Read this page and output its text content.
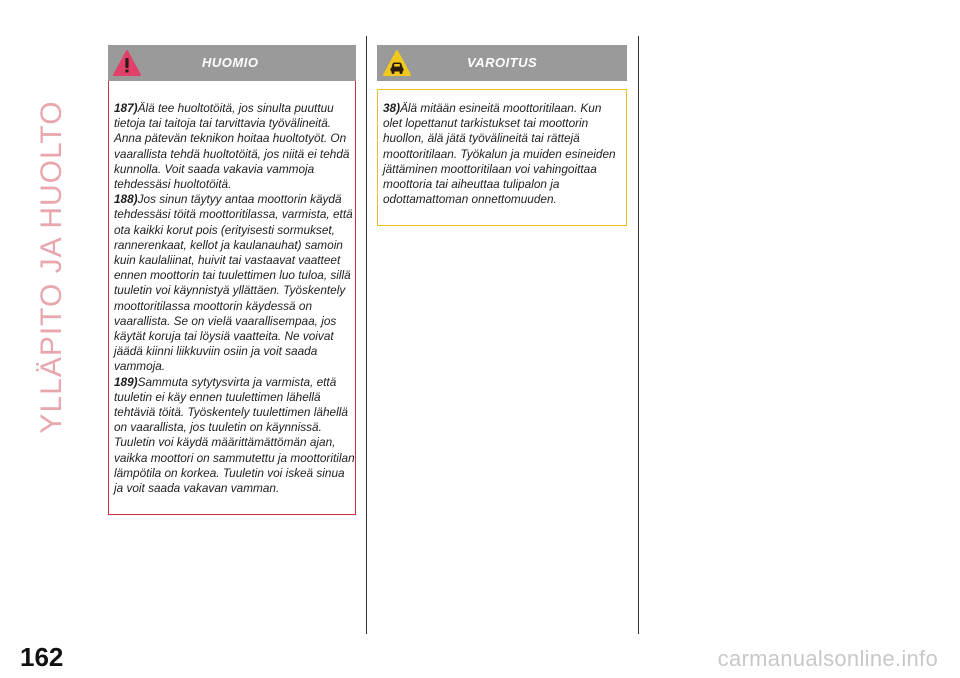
YLLÄPITO JA HUOLTO
162
HUOMIO

187)Älä tee huoltotöitä, jos sinulta puuttuu tietoja tai taitoja tai tarvittavia työvälineitä. Anna pätevän teknikon hoitaa huoltotyöt. On vaarallista tehdä huoltotöitä, jos niitä ei tehdä kunnolla. Voit saada vakavia vammoja tehdessäsi huoltotöitä.

188)Jos sinun täytyy antaa moottorin käydä tehdessäsi töitä moottoritilassa, varmista, että ota kaikki korut pois (erityisesti sormukset, rannerenkaat, kellot ja kaulanauhat) samoin kuin kaulaliinat, huivit tai vastaavat vaatteet ennen moottorin tai tuulettimen luo tuloa, sillä tuuletin voi käynnistyä yllättäen. Työskentely moottoritilassa moottorin käydessä on vaarallista. Se on vielä vaarallisempaa, jos käytät koruja tai löysiä vaatteita. Ne voivat jäädä kiinni liikkuviin osiin ja voit saada vammoja.

189)Sammuta sytytysvirta ja varmista, että tuuletin ei käy ennen tuulettimen lähellä tehtäviä töitä. Työskentely tuulettimen lähellä on vaarallista, jos tuuletin on käynnissä. Tuuletin voi käydä määrittämättömän ajan, vaikka moottori on sammutettu ja moottoritilan lämpötila on korkea. Tuuletin voi iskeä sinua ja voit saada vakavan vamman.

VAROITUS

38)Älä mitään esineitä moottoritilaan. Kun olet lopettanut tarkistukset tai moottorin huollon, älä jätä työvälineitä tai rättejä moottoritilaan. Työkalun ja muiden esineiden jättäminen moottoritilaan voi vahingoittaa moottoria tai aiheuttaa tulipalon ja odottamattoman onnettomuuden.

carmanualsonline.info
